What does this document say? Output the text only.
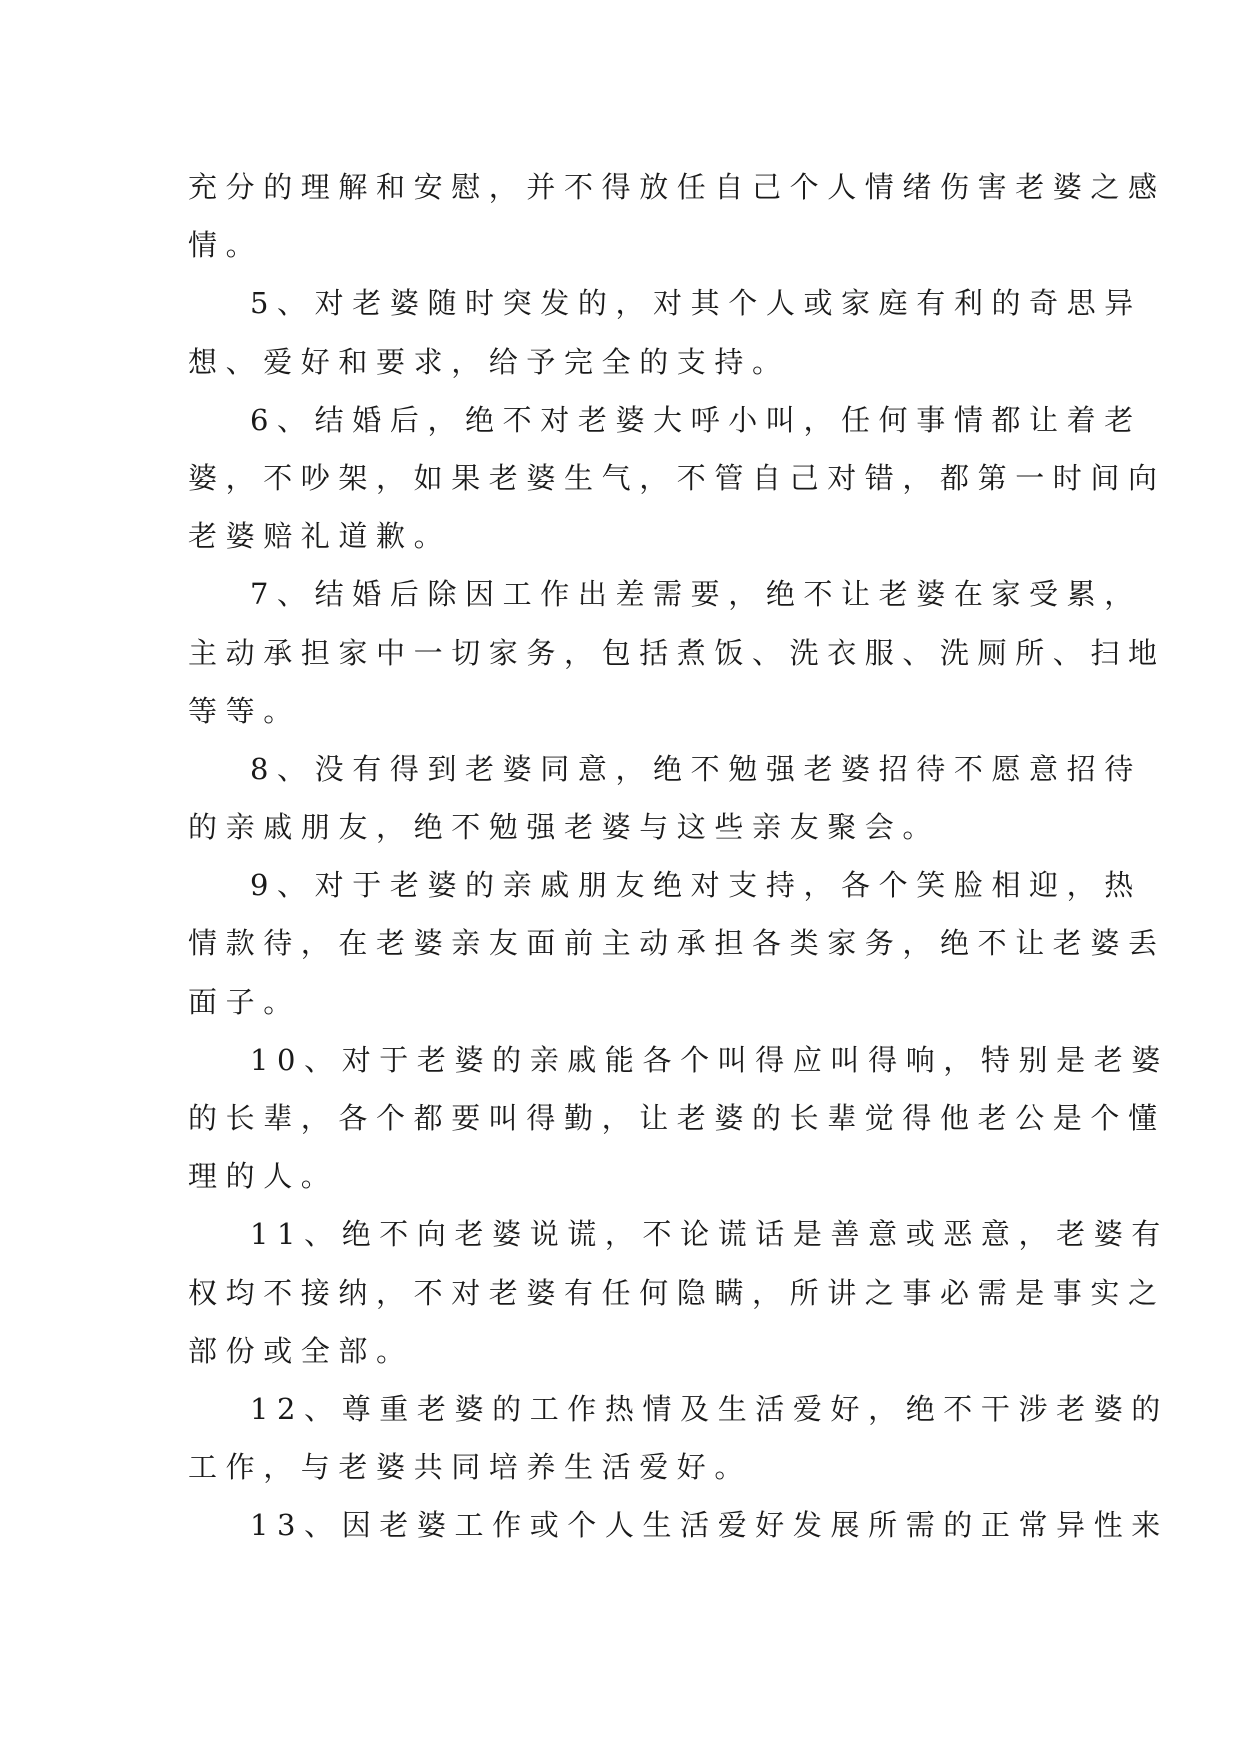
充分的理解和安慰，并不得放任自己个人情绪伤害老婆之感
情。
5、对老婆随时突发的，对其个人或家庭有利的奇思异
想、爱好和要求，给予完全的支持。
6、结婚后，绝不对老婆大呼小叫，任何事情都让着老
婆，不吵架，如果老婆生气，不管自己对错，都第一时间向
老婆赔礼道歉。
7、结婚后除因工作出差需要，绝不让老婆在家受累，
主动承担家中一切家务，包括煮饭、洗衣服、洗厕所、扫地
等等。
8、没有得到老婆同意，绝不勉强老婆招待不愿意招待
的亲戚朋友，绝不勉强老婆与这些亲友聚会。
9、对于老婆的亲戚朋友绝对支持，各个笑脸相迎，热
情款待，在老婆亲友面前主动承担各类家务，绝不让老婆丢
面子。
10、对于老婆的亲戚能各个叫得应叫得响，特别是老婆
的长辈，各个都要叫得勤，让老婆的长辈觉得他老公是个懂
理的人。
11、绝不向老婆说谎，不论谎话是善意或恶意，老婆有
权均不接纳，不对老婆有任何隐瞒，所讲之事必需是事实之
部份或全部。
12、尊重老婆的工作热情及生活爱好，绝不干涉老婆的
工作，与老婆共同培养生活爱好。
13、因老婆工作或个人生活爱好发展所需的正常异性来
